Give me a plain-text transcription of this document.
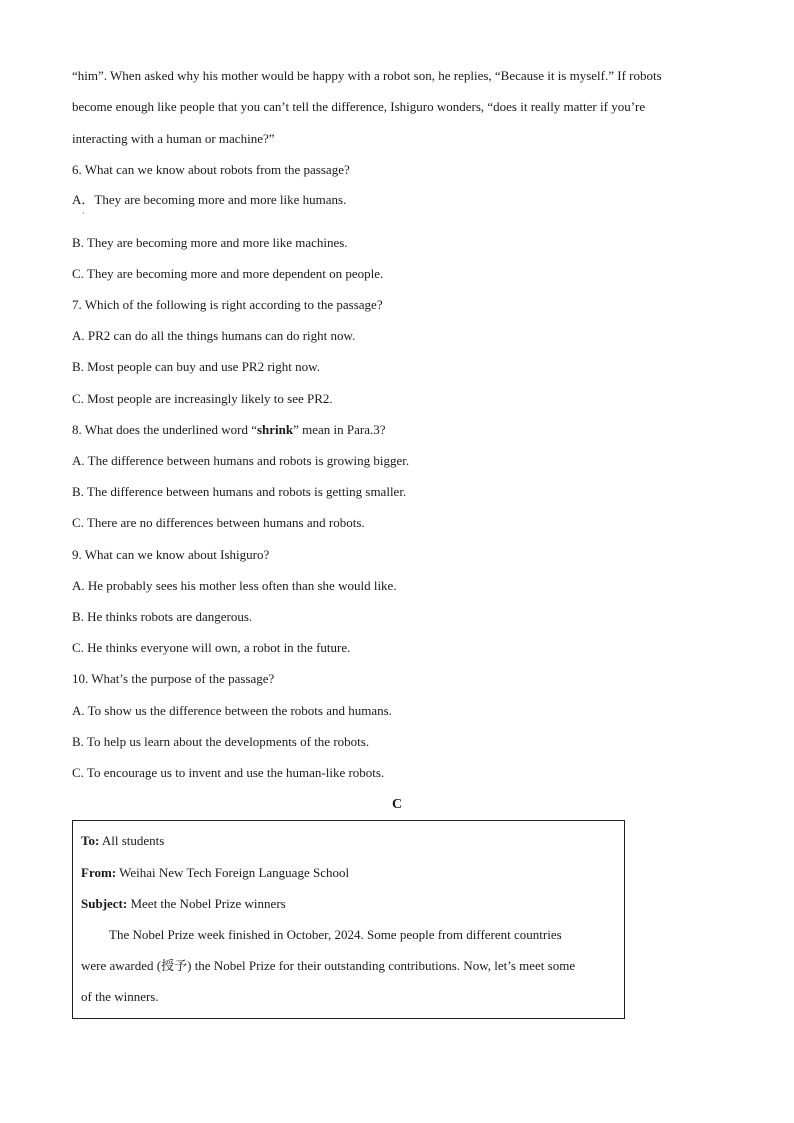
“him”. When asked why his mother would be happy with a robot son, he replies, “Because it is myself.” If robots
become enough like people that you can’t tell the difference, Ishiguro wonders, “does it really matter if you’re
interacting with a human or machine?”
6. What can we know about robots from the passage?
A．They are becoming more and more like humans.
·
B. They are becoming more and more like machines.
C. They are becoming more and more dependent on people.
7. Which of the following is right according to the passage?
A. PR2 can do all the things humans can do right now.
B. Most people can buy and use PR2 right now.
C. Most people are increasingly likely to see PR2.
8. What does the underlined word “shrink” mean in Para.3?
A. The difference between humans and robots is growing bigger.
B. The difference between humans and robots is getting smaller.
C. There are no differences between humans and robots.
9. What can we know about Ishiguro?
A. He probably sees his mother less often than she would like.
B. He thinks robots are dangerous.
C. He thinks everyone will own, a robot in the future.
10. What’s the purpose of the passage?
A. To show us the difference between the robots and humans.
B. To help us learn about the developments of the robots.
C. To encourage us to invent and use the human-like robots.
C
To: All students
From: Weihai New Tech Foreign Language School
Subject: Meet the Nobel Prize winners
The Nobel Prize week finished in October, 2024. Some people from different countries
were awarded (授予) the Nobel Prize for their outstanding contributions. Now, let’s meet some
of the winners.
